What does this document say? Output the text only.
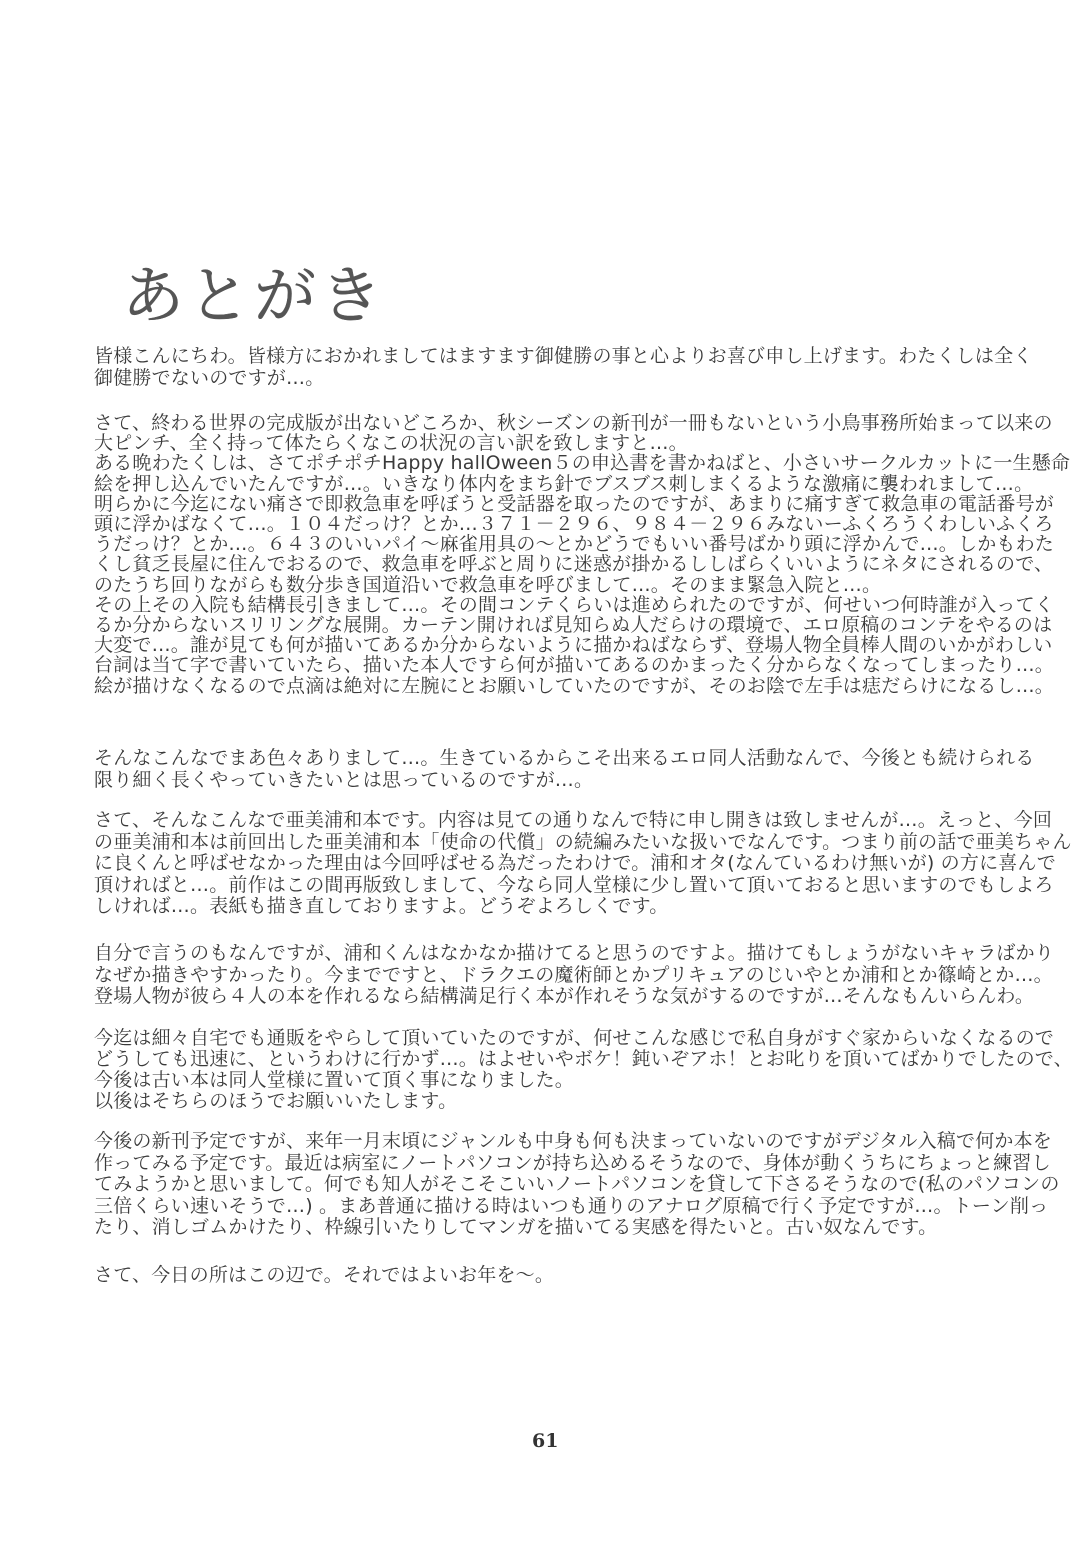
あとがき
皆様こんにちわ。皆様方におかれましてはますます御健勝の事と心よりお喜び申し上げます。わたくしは全く
御健勝でないのですが…。
さて、終わる世界の完成版が出ないどころか、秋シーズンの新刊が一冊もないという小鳥事務所始まって以来の
大ピンチ、全く持って体たらくなこの状況の言い訳を致しますと…。
ある晩わたくしは、さてポチポチHappy hallOween５の申込書を書かねばと、小さいサークルカットに一生懸命
絵を押し込んでいたんですが…。いきなり体内をまち針でブスブス刺しまくるような激痛に襲われまして…。
明らかに今迄にない痛さで即救急車を呼ぼうと受話器を取ったのですが、あまりに痛すぎて救急車の電話番号が
頭に浮かばなくて…。１０４だっけ？とか…３７１－２９６、９８４－２９６みないーふくろうくわしいふくろ
うだっけ？とか…。６４３のいいパイ～麻雀用具の～とかどうでもいい番号ばかり頭に浮かんで…。しかもわた
くし貧乏長屋に住んでおるので、救急車を呼ぶと周りに迷惑が掛かるししばらくいいようにネタにされるので、
のたうち回りながらも数分歩き国道沿いで救急車を呼びまして…。そのまま緊急入院と…。
その上その入院も結構長引きまして…。その間コンテくらいは進められたのですが、何せいつ何時誰が入ってく
るか分からないスリリングな展開。カーテン開ければ見知らぬ人だらけの環境で、エロ原稿のコンテをやるのは
大変で…。誰が見ても何が描いてあるか分からないように描かねばならず、登場人物全員棒人間のいかがわしい
台詞は当て字で書いていたら、描いた本人ですら何が描いてあるのかまったく分からなくなってしまったり…。
絵が描けなくなるので点滴は絶対に左腕にとお願いしていたのですが、そのお陰で左手は痣だらけになるし…。
そんなこんなでまあ色々ありまして…。生きているからこそ出来るエロ同人活動なんで、今後とも続けられる
限り細く長くやっていきたいとは思っているのですが…。
さて、そんなこんなで亜美浦和本です。内容は見ての通りなんで特に申し開きは致しませんが…。えっと、今回
の亜美浦和本は前回出した亜美浦和本「使命の代償」の続編みたいな扱いでなんです。つまり前の話で亜美ちゃん
に良くんと呼ばせなかった理由は今回呼ばせる為だったわけで。浦和オタ(なんているわけ無いが) の方に喜んで
頂ければと…。前作はこの間再版致しまして、今なら同人堂様に少し置いて頂いておると思いますのでもしよろ
しければ…。表紙も描き直しておりますよ。どうぞよろしくです。
自分で言うのもなんですが、浦和くんはなかなか描けてると思うのですよ。描けてもしょうがないキャラばかり
なぜか描きやすかったり。今までですと、ドラクエの魔術師とかプリキュアのじいやとか浦和とか篠崎とか…。
登場人物が彼ら４人の本を作れるなら結構満足行く本が作れそうな気がするのですが…そんなもんいらんわ。
今迄は細々自宅でも通販をやらして頂いていたのですが、何せこんな感じで私自身がすぐ家からいなくなるので
どうしても迅速に、というわけに行かず…。はよせいやボケ！鈍いぞアホ！とお叱りを頂いてばかりでしたので、
今後は古い本は同人堂様に置いて頂く事になりました。
以後はそちらのほうでお願いいたします。
今後の新刊予定ですが、来年一月末頃にジャンルも中身も何も決まっていないのですがデジタル入稿で何か本を
作ってみる予定です。最近は病室にノートパソコンが持ち込めるそうなので、身体が動くうちにちょっと練習し
てみようかと思いまして。何でも知人がそこそこいいノートパソコンを貸して下さるそうなので(私のパソコンの
三倍くらい速いそうで…) 。まあ普通に描ける時はいつも通りのアナログ原稿で行く予定ですが…。トーン削っ
たり、消しゴムかけたり、枠線引いたりしてマンガを描いてる実感を得たいと。古い奴なんです。
さて、今日の所はこの辺で。それではよいお年を～。
61
